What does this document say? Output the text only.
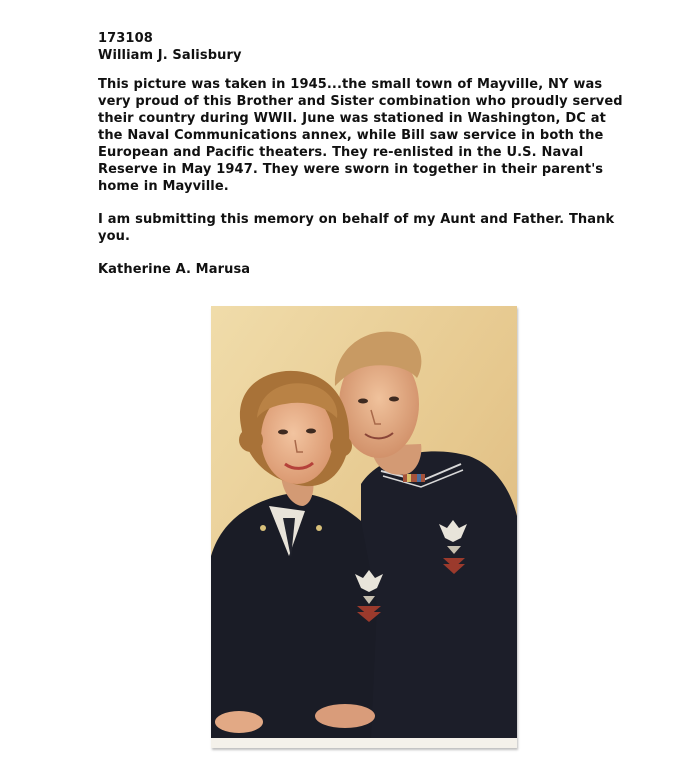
173108

William J. Salisbury

This picture was taken in 1945...the small town of Mayville, NY was very proud of this Brother and Sister combination who proudly served their country during WWII. June was stationed in Washington, DC at the Naval Communications annex, while Bill saw service in both the European and Pacific theaters. They re-enlisted in the U.S. Naval Reserve in May 1947. They were sworn in together in their parent's home in Mayville.

I am submitting this memory on behalf of my Aunt and Father. Thank you.

Katherine A. Marusa
